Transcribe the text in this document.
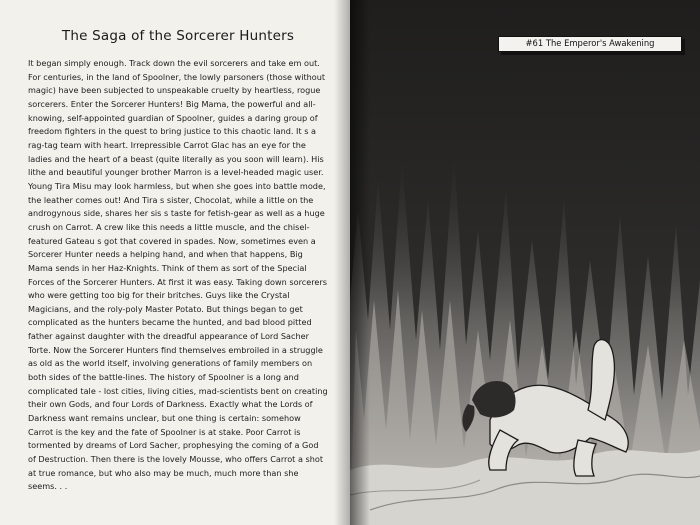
The Saga of the Sorcerer Hunters

It began simply enough. Track down the evil sorcerers and take em out. For centuries, in the land of Spoolner, the lowly parsoners (those without magic) have been subjected to unspeakable cruelty by heartless, rogue sorcerers. Enter the Sorcerer Hunters! Big Mama, the powerful and all-knowing, self-appointed guardian of Spoolner, guides a daring group of freedom fighters in the quest to bring justice to this chaotic land. It s a rag-tag team with heart. Irrepressible Carrot Glac has an eye for the ladies and the heart of a beast (quite literally as you soon will learn). His lithe and beautiful younger brother Marron is a level-headed magic user. Young Tira Misu may look harmless, but when she goes into battle mode, the leather comes out! And Tira s sister, Chocolat, while a little on the androgynous side, shares her sis s taste for fetish-gear as well as a huge crush on Carrot. A crew like this needs a little muscle, and the chisel-featured Gateau s got that covered in spades. Now, sometimes even a Sorcerer Hunter needs a helping hand, and when that happens, Big Mama sends in her Haz-Knights. Think of them as sort of the Special Forces of the Sorcerer Hunters. At first it was easy. Taking down sorcerers who were getting too big for their britches. Guys like the Crystal Magicians, and the roly-poly Master Potato. But things began to get complicated as the hunters became the hunted, and bad blood pitted father against daughter with the dreadful appearance of Lord Sacher Torte. Now the Sorcerer Hunters find themselves embroiled in a struggle as old as the world itself, involving generations of family members on both sides of the battle-lines. The history of Spoolner is a long and complicated tale - lost cities, living cities, mad-scientists bent on creating their own Gods, and four Lords of Darkness. Exactly what the Lords of Darkness want remains unclear, but one thing is certain: somehow Carrot is the key and the fate of Spoolner is at stake. Poor Carrot is tormented by dreams of Lord Sacher, prophesying the coming of a God of Destruction. Then there is the lovely Mousse, who offers Carrot a shot at true romance, but who also may be much, much more than she seems. . .

#61 The Emperor's Awakening
